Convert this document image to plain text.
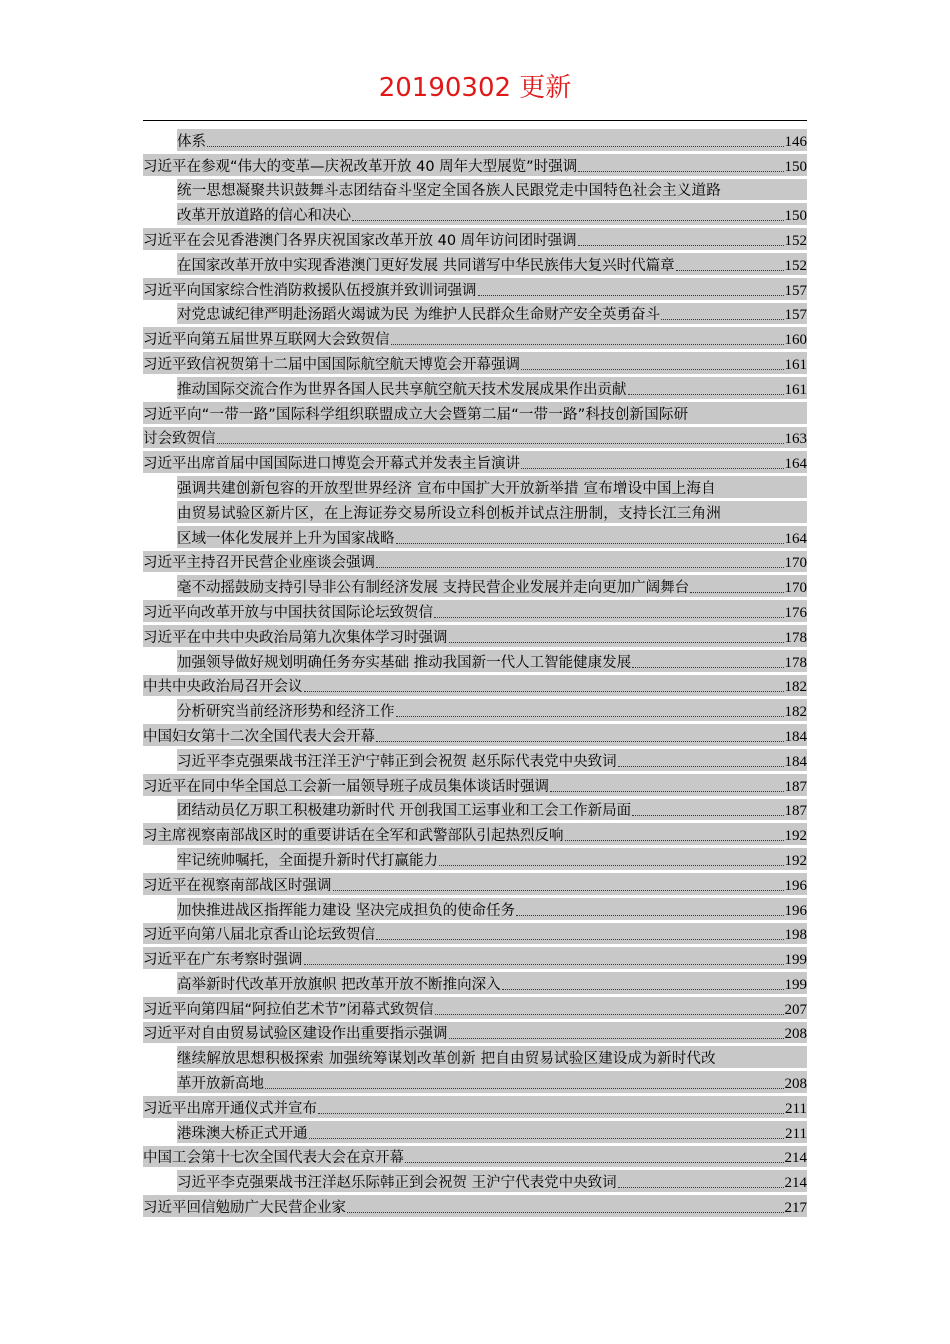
20190302 更新
体系	146
习近平在参观“伟大的变革—庆祝改革开放 40 周年大型展览”时强调	150
统一思想凝聚共识鼓舞斗志团结奋斗坚定全国各族人民跟党走中国特色社会主义道路
改革开放道路的信心和决心	150
习近平在会见香港澳门各界庆祝国家改革开放 40 周年访问团时强调	152
在国家改革开放中实现香港澳门更好发展 共同谱写中华民族伟大复兴时代篇章	152
习近平向国家综合性消防救援队伍授旗并致训词强调	157
对党忠诚纪律严明赴汤蹈火竭诚为民 为维护人民群众生命财产安全英勇奋斗	157
习近平向第五届世界互联网大会致贺信	160
习近平致信祝贺第十二届中国国际航空航天博览会开幕强调	161
推动国际交流合作为世界各国人民共享航空航天技术发展成果作出贡献	161
习近平向“一带一路”国际科学组织联盟成立大会暨第二届“一带一路”科技创新国际研
讨会致贺信	163
习近平出席首届中国国际进口博览会开幕式并发表主旨演讲	164
强调共建创新包容的开放型世界经济 宣布中国扩大开放新举措 宣布增设中国上海自
由贸易试验区新片区，在上海证券交易所设立科创板并试点注册制，支持长江三角洲
区域一体化发展并上升为国家战略	164
习近平主持召开民营企业座谈会强调	170
毫不动摇鼓励支持引导非公有制经济发展 支持民营企业发展并走向更加广阔舞台	170
习近平向改革开放与中国扶贫国际论坛致贺信	176
习近平在中共中央政治局第九次集体学习时强调	178
加强领导做好规划明确任务夯实基础 推动我国新一代人工智能健康发展	178
中共中央政治局召开会议	182
分析研究当前经济形势和经济工作	182
中国妇女第十二次全国代表大会开幕	184
习近平李克强栗战书汪洋王沪宁韩正到会祝贺 赵乐际代表党中央致词	184
习近平在同中华全国总工会新一届领导班子成员集体谈话时强调	187
团结动员亿万职工积极建功新时代 开创我国工运事业和工会工作新局面	187
习主席视察南部战区时的重要讲话在全军和武警部队引起热烈反响	192
牢记统帅嘱托，全面提升新时代打赢能力	192
习近平在视察南部战区时强调	196
加快推进战区指挥能力建设 坚决完成担负的使命任务	196
习近平向第八届北京香山论坛致贺信	198
习近平在广东考察时强调	199
高举新时代改革开放旗帜 把改革开放不断推向深入	199
习近平向第四届“阿拉伯艺术节”闭幕式致贺信	207
习近平对自由贸易试验区建设作出重要指示强调	208
继续解放思想积极探索 加强统筹谋划改革创新 把自由贸易试验区建设成为新时代改
革开放新高地	208
习近平出席开通仪式并宣布	211
港珠澳大桥正式开通	211
中国工会第十七次全国代表大会在京开幕	214
习近平李克强栗战书汪洋赵乐际韩正到会祝贺 王沪宁代表党中央致词	214
习近平回信勉励广大民营企业家	217
